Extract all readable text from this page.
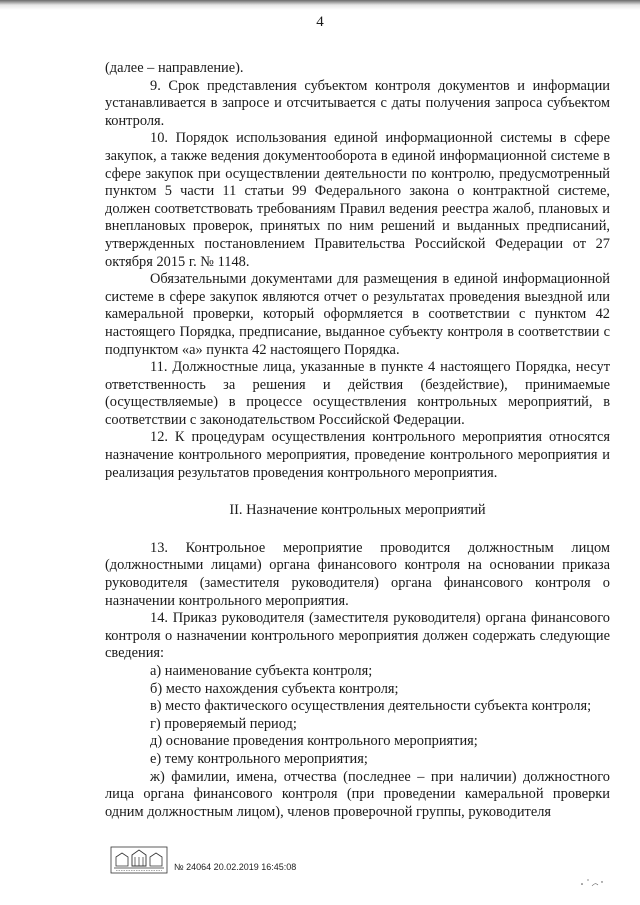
4

(далее – направление).

9. Срок представления субъектом контроля документов и информации устанавливается в запросе и отсчитывается с даты получения запроса субъектом контроля.

10. Порядок использования единой информационной системы в сфере закупок, а также ведения документооборота в единой информационной системе в сфере закупок при осуществлении деятельности по контролю, предусмотренный пунктом 5 части 11 статьи 99 Федерального закона о контрактной системе, должен соответствовать требованиям Правил ведения реестра жалоб, плановых и внеплановых проверок, принятых по ним решений и выданных предписаний, утвержденных постановлением Правительства Российской Федерации от 27 октября 2015 г. № 1148.

Обязательными документами для размещения в единой информационной системе в сфере закупок являются отчет о результатах проведения выездной или камеральной проверки, который оформляется в соответствии с пунктом 42 настоящего Порядка, предписание, выданное субъекту контроля в соответствии с подпунктом «а» пункта 42 настоящего Порядка.

11. Должностные лица, указанные в пункте 4 настоящего Порядка, несут ответственность за решения и действия (бездействие), принимаемые (осуществляемые) в процессе осуществления контрольных мероприятий, в соответствии с законодательством Российской Федерации.

12. К процедурам осуществления контрольного мероприятия относятся назначение контрольного мероприятия, проведение контрольного мероприятия и реализация результатов проведения контрольного мероприятия.

II. Назначение контрольных мероприятий

13. Контрольное мероприятие проводится должностным лицом (должностными лицами) органа финансового контроля на основании приказа руководителя (заместителя руководителя) органа финансового контроля о назначении контрольного мероприятия.

14. Приказ руководителя (заместителя руководителя) органа финансового контроля о назначении контрольного мероприятия должен содержать следующие сведения:

а) наименование субъекта контроля;

б) место нахождения субъекта контроля;

в) место фактического осуществления деятельности субъекта контроля;

г) проверяемый период;

д) основание проведения контрольного мероприятия;

е) тему контрольного мероприятия;

ж) фамилии, имена, отчества (последнее – при наличии) должностного лица органа финансового контроля (при проведении камеральной проверки одним должностным лицом), членов проверочной группы, руководителя

№ 24064 20.02.2019 16:45:08
